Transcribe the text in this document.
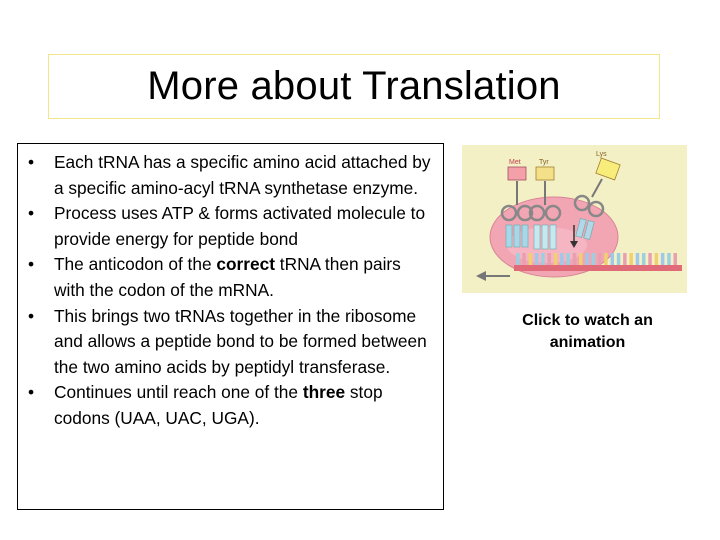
More about Translation
•	Each tRNA has a specific amino acid attached by a specific amino-acyl tRNA synthetase enzyme.
•	Process uses ATP & forms activated molecule to provide energy for peptide bond
•	The anticodon of the correct tRNA then pairs with the codon of the mRNA.
•	This brings two tRNAs together in the ribosome and allows a peptide bond to be formed between the two amino acids by peptidyl transferase.
•	Continues until reach one of the three stop codons (UAA, UAC, UGA).
Met	Tyr
Lys
Click to watch an animation
